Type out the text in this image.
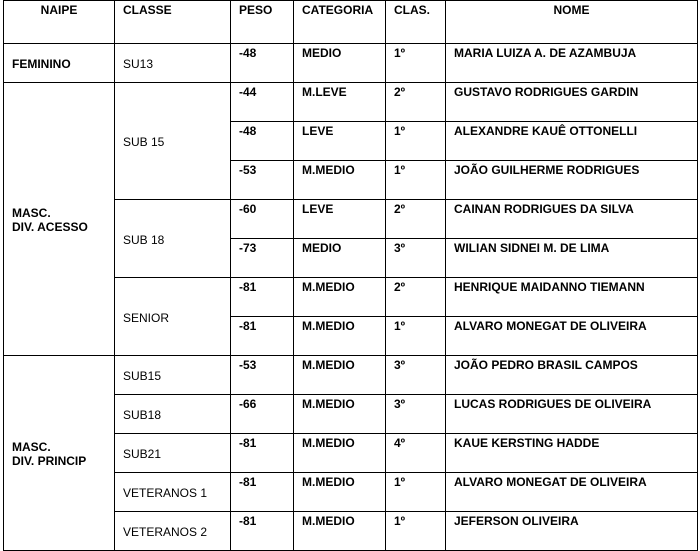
NAIPE	CLASSE	PESO	CATEGORIA	CLAS.	NOME
FEMININO	SU13	-48	MEDIO	1º	MARIA LUIZA A. DE AZAMBUJA

MASC.
DIV. ACESSO	SUB 15	-44	M.LEVE	2º	GUSTAVO RODRIGUES GARDIN
		-48	LEVE	1º	ALEXANDRE KAUÊ OTTONELLI
		-53	M.MEDIO	1º	JOÃO GUILHERME RODRIGUES
	SUB 18	-60	LEVE	2º	CAINAN RODRIGUES DA SILVA
		-73	MEDIO	3º	WILIAN SIDNEI M. DE LIMA
	SENIOR	-81	M.MEDIO	2º	HENRIQUE MAIDANNO TIEMANN
		-81	M.MEDIO	1º	ALVARO MONEGAT DE OLIVEIRA

MASC.
DIV. PRINCIP	SUB15	-53	M.MEDIO	3º	JOÃO PEDRO BRASIL CAMPOS
	SUB18	-66	M.MEDIO	3º	LUCAS RODRIGUES DE OLIVEIRA
	SUB21	-81	M.MEDIO	4º	KAUE KERSTING HADDE
	VETERANOS 1	-81	M.MEDIO	1º	ALVARO MONEGAT DE OLIVEIRA
	VETERANOS 2	-81	M.MEDIO	1º	JEFERSON OLIVEIRA
